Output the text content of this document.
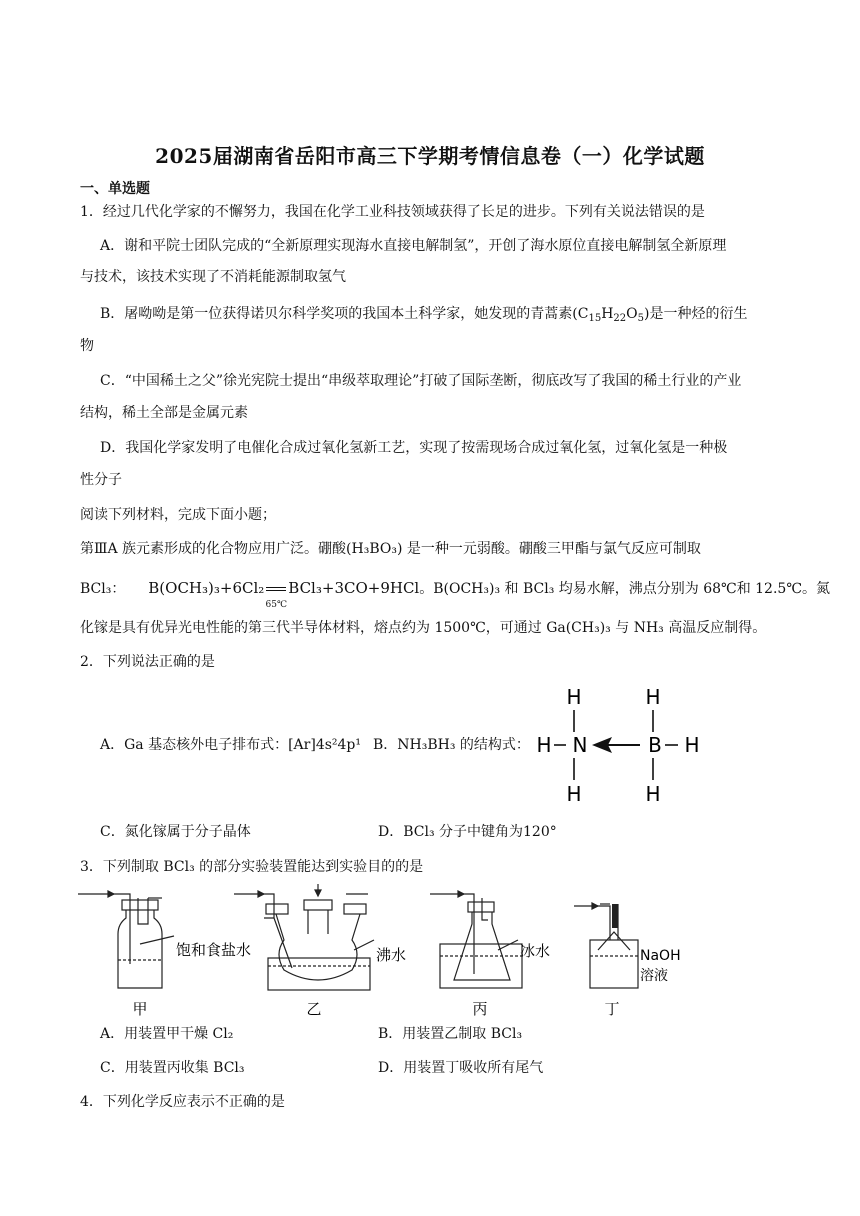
2025届湖南省岳阳市高三下学期考情信息卷（一）化学试题
一、单选题
1．经过几代化学家的不懈努力，我国在化学工业科技领域获得了长足的进步。下列有关说法错误的是
A．谢和平院士团队完成的“全新原理实现海水直接电解制氢”，开创了海水原位直接电解制氢全新原理
与技术，该技术实现了不消耗能源制取氢气
B．屠呦呦是第一位获得诺贝尔科学奖项的我国本土科学家，她发现的青蒿素$(C_{15}H_{22}O_5)$是一种烃的衍生
物
C．“中国稀土之父”徐光宪院士提出“串级萃取理论”打破了国际垄断，彻底改写了我国的稀土行业的产业
结构，稀土全部是金属元素
D．我国化学家发明了电催化合成过氧化氢新工艺，实现了按需现场合成过氧化氢，过氧化氢是一种极
性分子
阅读下列材料，完成下面小题；
第ⅢA 族元素形成的化合物应用广泛。硼酸(H₃BO₃) 是一种一元弱酸。硼酸三甲酯与氯气反应可制取
BCl₃： B(OCH₃)₃+6Cl₂
65℃
BCl₃+3CO+9HCl。B(OCH₃)₃ 和 BCl₃ 均易水解，沸点分别为 68℃和 12.5℃。氮
化镓是具有优异光电性能的第三代半导体材料，熔点约为 1500℃，可通过 Ga(CH₃)₃ 与 NH₃ 高温反应制得。
2．下列说法正确的是
A．Ga 基态核外电子排布式：[Ar]4s²4p¹ B．NH₃BH₃ 的结构式：
H
H N
H
B
H
H
H
C．氮化镓属于分子晶体	D．BCl₃ 分子中键角为120°
3．下列制取 BCl₃ 的部分实验装置能达到实验目的的是
饱和食盐水	沸水	冰水	NaOH
溶液
甲	乙	丙	丁
A．用装置甲干燥 Cl₂	B．用装置乙制取 BCl₃
C．用装置丙收集 BCl₃	D．用装置丁吸收所有尾气
4．下列化学反应表示不正确的是
